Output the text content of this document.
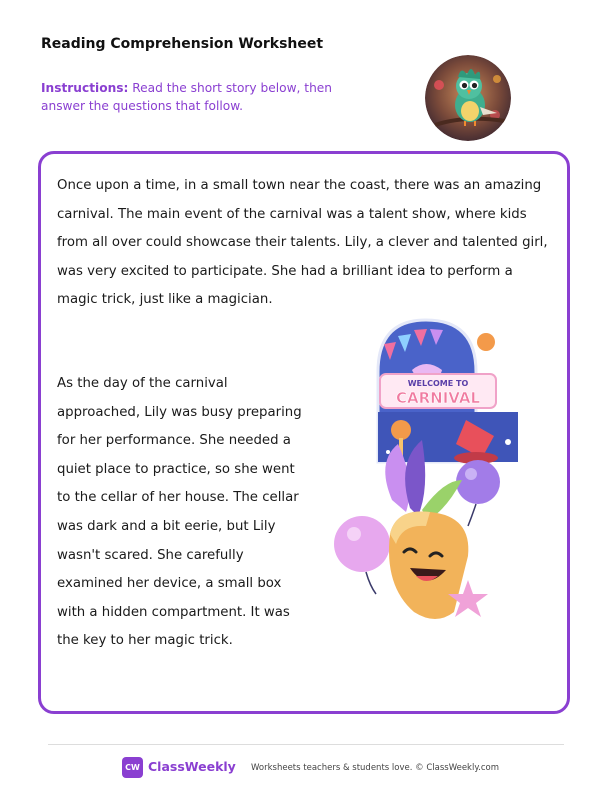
Reading Comprehension Worksheet
Instructions: Read the short story below, then answer the questions that follow.
Once upon a time, in a small town near the coast, there was an amazing carnival. The main event of the carnival was a talent show, where kids from all over could showcase their talents. Lily, a clever and talented girl, was very excited to participate. She had a brilliant idea to perform a magic trick, just like a magician.
As the day of the carnival approached, Lily was busy preparing for her performance. She needed a quiet place to practice, so she went to the cellar of her house. The cellar was dark and a bit eerie, but Lily wasn't scared. She carefully examined her device, a small box with a hidden compartment. It was the key to her magic trick.
WELCOME TO
CARNIVAL
CW ClassWeekly Worksheets teachers & students love. © ClassWeekly.com
